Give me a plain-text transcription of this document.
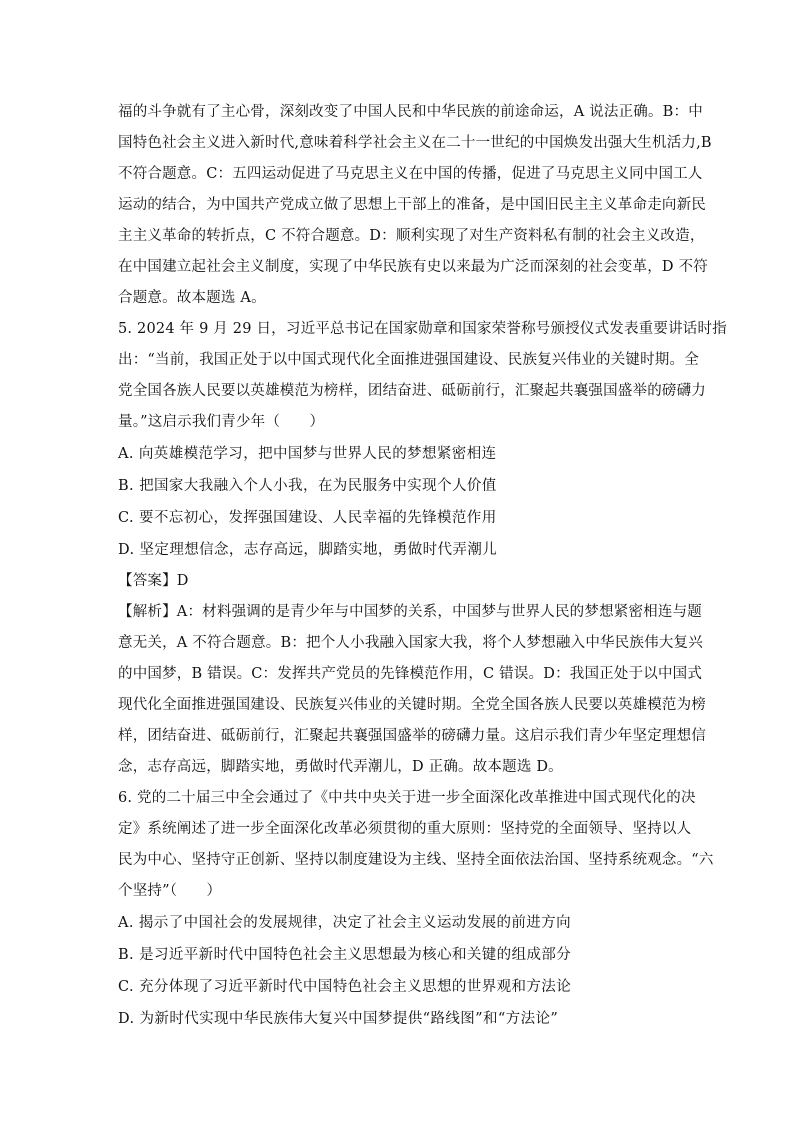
福的斗争就有了主心骨，深刻改变了中国人民和中华民族的前途命运，A 说法正确。B：中
国特色社会主义进入新时代,意味着科学社会主义在二十一世纪的中国焕发出强大生机活力,B
不符合题意。C：五四运动促进了马克思主义在中国的传播，促进了马克思主义同中国工人
运动的结合，为中国共产党成立做了思想上干部上的准备，是中国旧民主主义革命走向新民
主主义革命的转折点，C 不符合题意。D：顺利实现了对生产资料私有制的社会主义改造，
在中国建立起社会主义制度，实现了中华民族有史以来最为广泛而深刻的社会变革，D 不符
合题意。故本题选 A。
5. 2024 年 9 月 29 日，习近平总书记在国家勋章和国家荣誉称号颁授仪式发表重要讲话时指
出：“当前，我国正处于以中国式现代化全面推进强国建设、民族复兴伟业的关键时期。全
党全国各族人民要以英雄模范为榜样，团结奋进、砥砺前行，汇聚起共襄强国盛举的磅礴力
量。”这启示我们青少年（　　）
A. 向英雄模范学习，把中国梦与世界人民的梦想紧密相连
B. 把国家大我融入个人小我，在为民服务中实现个人价值
C. 要不忘初心，发挥强国建设、人民幸福的先锋模范作用
D. 坚定理想信念，志存高远，脚踏实地，勇做时代弄潮儿
【答案】D
【解析】A：材料强调的是青少年与中国梦的关系，中国梦与世界人民的梦想紧密相连与题
意无关，A 不符合题意。B：把个人小我融入国家大我，将个人梦想融入中华民族伟大复兴
的中国梦，B 错误。C：发挥共产党员的先锋模范作用，C 错误。D：我国正处于以中国式
现代化全面推进强国建设、民族复兴伟业的关键时期。全党全国各族人民要以英雄模范为榜
样，团结奋进、砥砺前行，汇聚起共襄强国盛举的磅礴力量。这启示我们青少年坚定理想信
念，志存高远，脚踏实地，勇做时代弄潮儿，D 正确。故本题选 D。
6. 党的二十届三中全会通过了《中共中央关于进一步全面深化改革推进中国式现代化的决
定》系统阐述了进一步全面深化改革必须贯彻的重大原则：坚持党的全面领导、坚持以人
民为中心、坚持守正创新、坚持以制度建设为主线、坚持全面依法治国、坚持系统观念。“六
个坚持”（　　）
A. 揭示了中国社会的发展规律，决定了社会主义运动发展的前进方向
B. 是习近平新时代中国特色社会主义思想最为核心和关键的组成部分
C. 充分体现了习近平新时代中国特色社会主义思想的世界观和方法论
D. 为新时代实现中华民族伟大复兴中国梦提供“路线图”和“方法论”
